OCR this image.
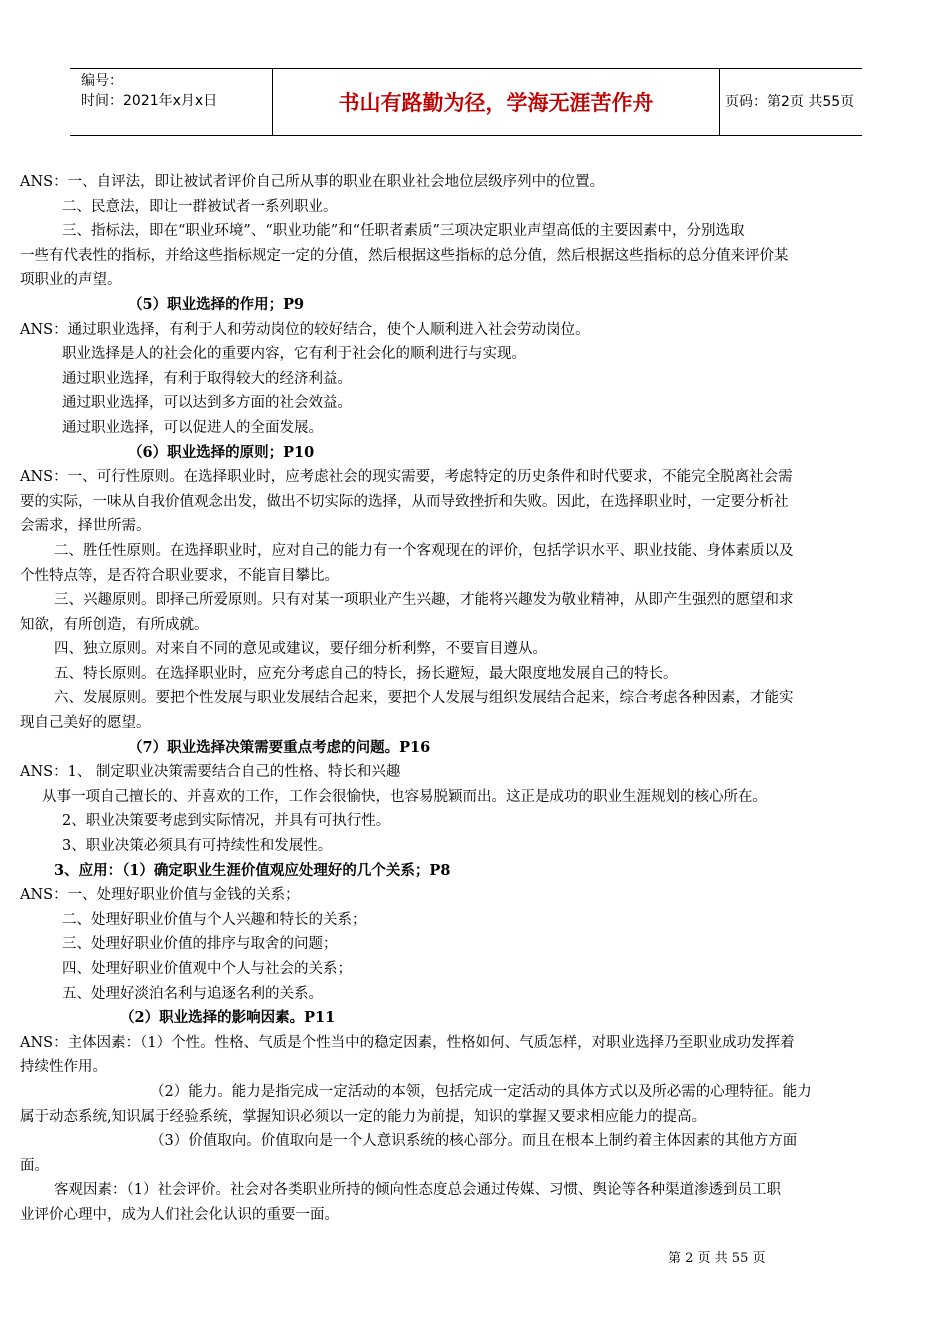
编号：
时间：2021年x月x日	书山有路勤为径，学海无涯苦作舟	页码：第2页 共55页

ANS：一、自评法，即让被试者评价自己所从事的职业在职业社会地位层级序列中的位置。

二、民意法，即让一群被试者一系列职业。

三、指标法，即在“职业环境”、“职业功能”和“任职者素质”三项决定职业声望高低的主要因素中，分别选取

一些有代表性的指标，并给这些指标规定一定的分值，然后根据这些指标的总分值，然后根据这些指标的总分值来评价某

项职业的声望。

（5）职业选择的作用；P9

ANS：通过职业选择，有利于人和劳动岗位的较好结合，使个人顺利进入社会劳动岗位。

职业选择是人的社会化的重要内容，它有利于社会化的顺利进行与实现。

通过职业选择，有利于取得较大的经济利益。

通过职业选择，可以达到多方面的社会效益。

通过职业选择，可以促进人的全面发展。

（6）职业选择的原则；P10

ANS：一、可行性原则。在选择职业时，应考虑社会的现实需要，考虑特定的历史条件和时代要求，不能完全脱离社会需

要的实际，一味从自我价值观念出发，做出不切实际的选择，从而导致挫折和失败。因此，在选择职业时，一定要分析社

会需求，择世所需。

二、胜任性原则。在选择职业时，应对自己的能力有一个客观现在的评价，包括学识水平、职业技能、身体素质以及

个性特点等，是否符合职业要求，不能盲目攀比。

三、兴趣原则。即择己所爱原则。只有对某一项职业产生兴趣，才能将兴趣发为敬业精神，从即产生强烈的愿望和求

知欲，有所创造，有所成就。

四、独立原则。对来自不同的意见或建议，要仔细分析利弊，不要盲目遵从。

五、特长原则。在选择职业时，应充分考虑自己的特长，扬长避短，最大限度地发展自己的特长。

六、发展原则。要把个性发展与职业发展结合起来，要把个人发展与组织发展结合起来，综合考虑各种因素，才能实

现自己美好的愿望。

（7）职业选择决策需要重点考虑的问题。P16

ANS：1、 制定职业决策需要结合自己的性格、特长和兴趣

从事一项自己擅长的、并喜欢的工作，工作会很愉快，也容易脱颖而出。这正是成功的职业生涯规划的核心所在。

2、职业决策要考虑到实际情况，并具有可执行性。

3、职业决策必须具有可持续性和发展性。

3、应用：（1）确定职业生涯价值观应处理好的几个关系；P8

ANS：一、处理好职业价值与金钱的关系；

二、处理好职业价值与个人兴趣和特长的关系；

三、处理好职业价值的排序与取舍的问题；

四、处理好职业价值观中个人与社会的关系；

五、处理好淡泊名利与追逐名利的关系。

（2）职业选择的影响因素。P11

ANS：主体因素：（1）个性。性格、气质是个性当中的稳定因素，性格如何、气质怎样，对职业选择乃至职业成功发挥着

持续性作用。

（2）能力。能力是指完成一定活动的本领，包括完成一定活动的具体方式以及所必需的心理特征。能力

属于动态系统,知识属于经验系统，掌握知识必须以一定的能力为前提，知识的掌握又要求相应能力的提高。

（3）价值取向。价值取向是一个人意识系统的核心部分。而且在根本上制约着主体因素的其他方方面

面。

客观因素：（1）社会评价。社会对各类职业所持的倾向性态度总会通过传媒、习惯、舆论等各种渠道渗透到员工职

业评价心理中，成为人们社会化认识的重要一面。

第 2 页 共 55 页
